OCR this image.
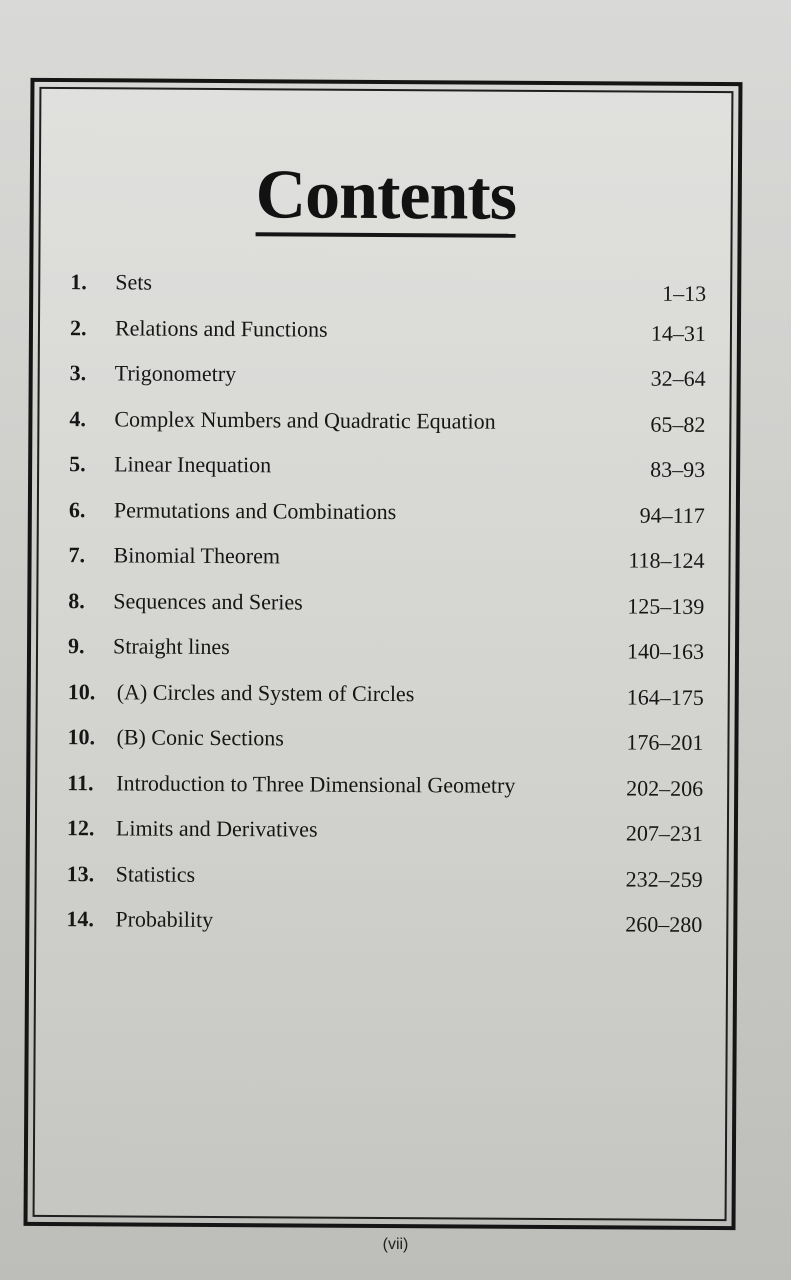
Contents
1. Sets	1–13
2. Relations and Functions	14–31
3. Trigonometry	32–64
4. Complex Numbers and Quadratic Equation	65–82
5. Linear Inequation	83–93
6. Permutations and Combinations	94–117
7. Binomial Theorem	118–124
8. Sequences and Series	125–139
9. Straight lines	140–163
10. (A) Circles and System of Circles	164–175
10. (B) Conic Sections	176–201
11. Introduction to Three Dimensional Geometry	202–206
12. Limits and Derivatives	207–231
13. Statistics	232–259
14. Probability	260–280
(vii)
